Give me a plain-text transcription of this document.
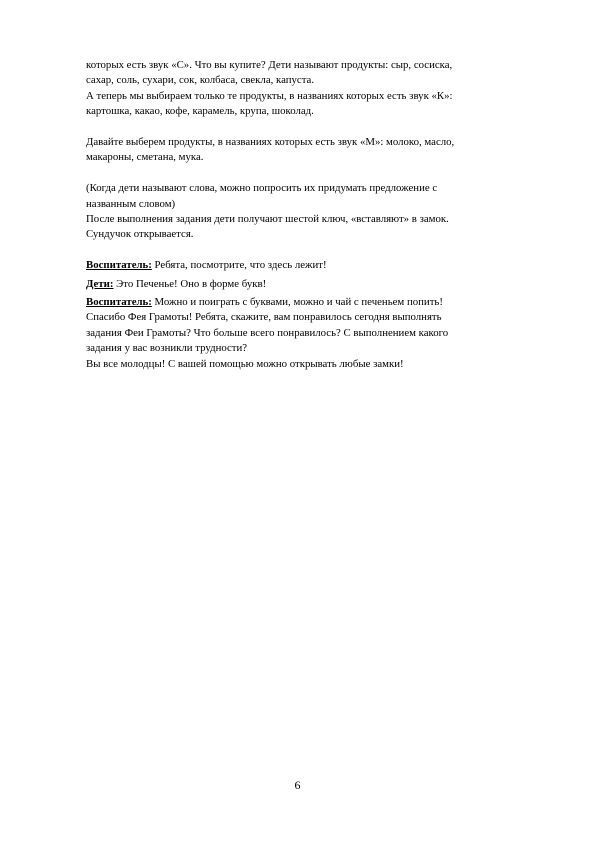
которых есть звук «С». Что вы купите? Дети называют продукты: сыр, сосиска,

сахар, соль, сухари, сок, колбаса, свекла, капуста.

А теперь мы выбираем только те продукты, в названиях которых есть звук «К»:

картошка, какао, кофе, карамель, крупа, шоколад.

Давайте выберем продукты, в названиях которых есть звук «М»: молоко, масло,

макароны, сметана, мука.

(Когда дети называют слова, можно попросить их придумать предложение с

названным словом)

После выполнения задания дети получают шестой ключ, «вставляют» в замок.

Сундучок открывается.

Воспитатель: Ребята, посмотрите, что здесь лежит!

Дети: Это Печенье! Оно в форме букв!

Воспитатель: Можно и поиграть с буквами, можно и чай с печеньем попить!

Спасибо Фея Грамоты! Ребята, скажите, вам понравилось сегодня выполнять

задания Феи Грамоты? Что больше всего понравилось? С выполнением какого

задания у вас возникли трудности?

Вы все молодцы! С вашей помощью можно открывать любые замки!

6
